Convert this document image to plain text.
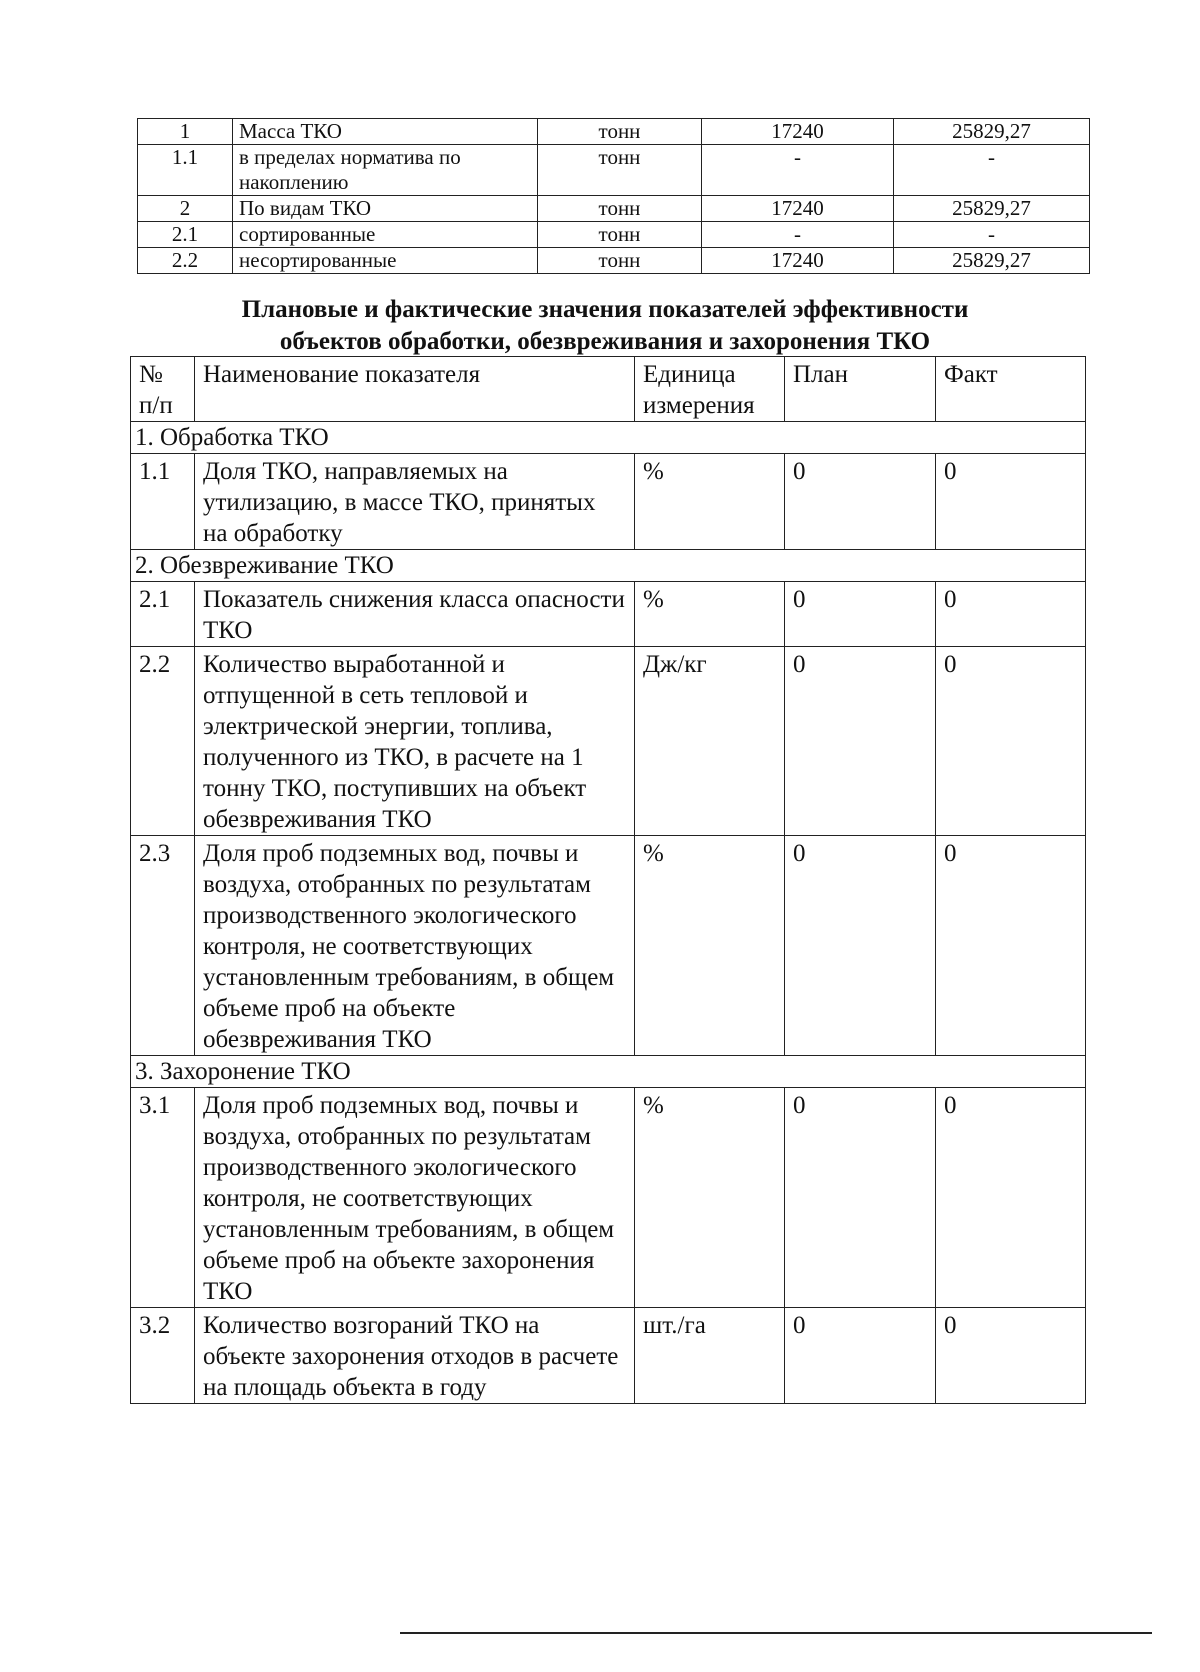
1	Масса ТКО	тонн	17240	25829,27
1.1	в пределах норматива по накоплению	тонн	-	-
2	По видам ТКО	тонн	17240	25829,27
2.1	сортированные	тонн	-	-
2.2	несортированные	тонн	17240	25829,27
Плановые и фактические значения показателей эффективности
объектов обработки, обезвреживания и захоронения ТКО
№ п/п	Наименование показателя	Единица измерения	План	Факт
1. Обработка ТКО				
1.1	Доля ТКО, направляемых на утилизацию, в массе ТКО, принятых на обработку	%	0	0
2. Обезвреживание ТКО				
2.1	Показатель снижения класса опасности ТКО	%	0	0
2.2	Количество выработанной и отпущенной в сеть тепловой и электрической энергии, топлива, полученного из ТКО, в расчете на 1 тонну ТКО, поступивших на объект обезвреживания ТКО	Дж/кг	0	0
2.3	Доля проб подземных вод, почвы и воздуха, отобранных по результатам производственного экологического контроля, не соответствующих установленным требованиям, в общем объеме проб на объекте обезвреживания ТКО	%	0	0
3. Захоронение ТКО				
3.1	Доля проб подземных вод, почвы и воздуха, отобранных по результатам производственного экологического контроля, не соответствующих установленным требованиям, в общем объеме проб на объекте захоронения ТКО	%	0	0
3.2	Количество возгораний ТКО на объекте захоронения отходов в расчете на площадь объекта в году	шт./га	0	0
